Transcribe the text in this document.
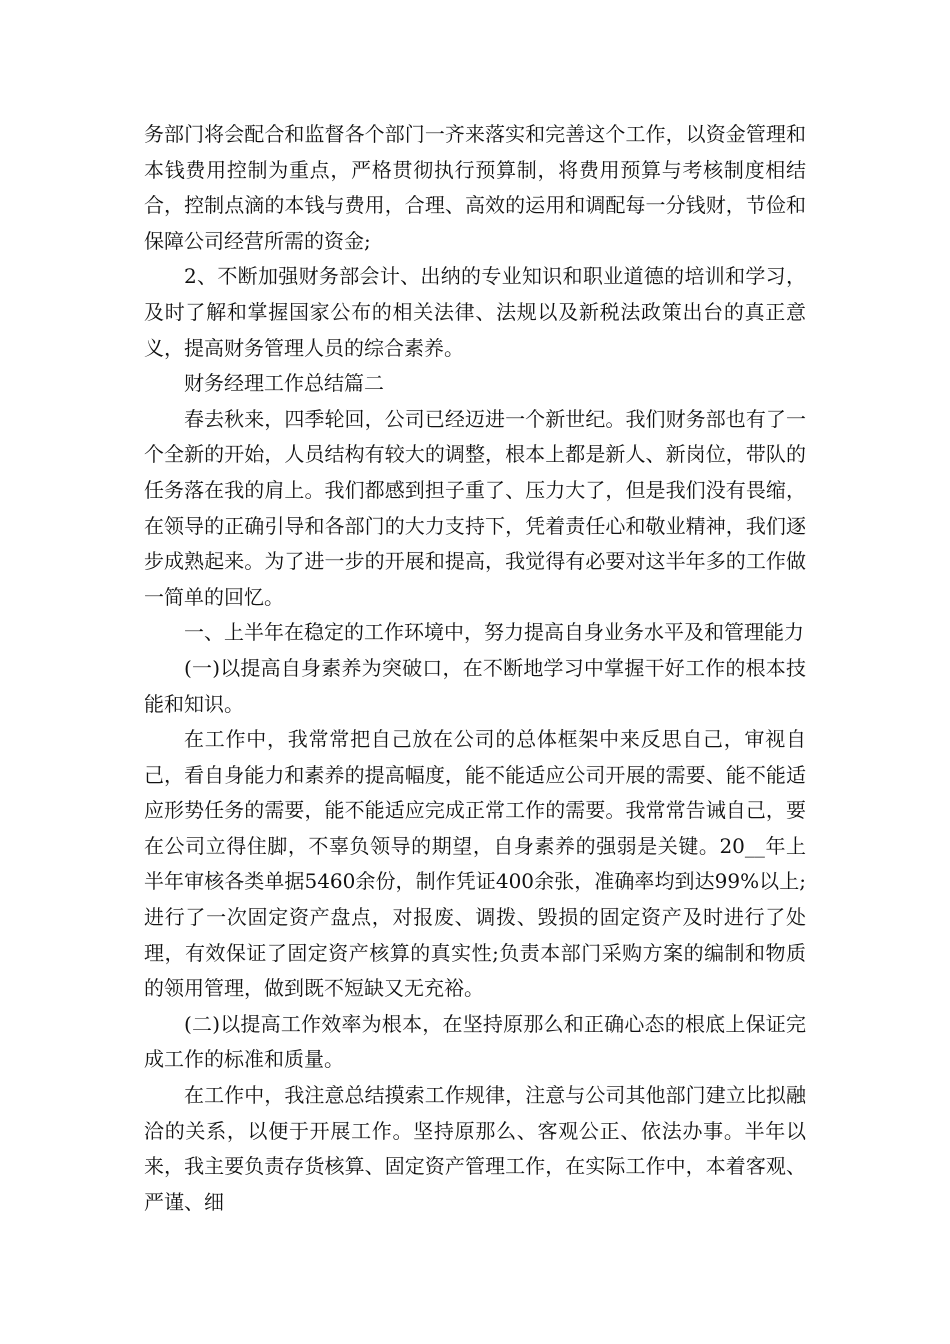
务部门将会配合和监督各个部门一齐来落实和完善这个工作，以资金管理和本钱费用控制为重点，严格贯彻执行预算制，将费用预算与考核制度相结合，控制点滴的本钱与费用，合理、高效的运用和调配每一分钱财，节俭和保障公司经营所需的资金;

2、不断加强财务部会计、出纳的专业知识和职业道德的培训和学习，及时了解和掌握国家公布的相关法律、法规以及新税法政策出台的真正意义，提高财务管理人员的综合素养。

财务经理工作总结篇二

春去秋来，四季轮回，公司已经迈进一个新世纪。我们财务部也有了一个全新的开始，人员结构有较大的调整，根本上都是新人、新岗位，带队的任务落在我的肩上。我们都感到担子重了、压力大了，但是我们没有畏缩，在领导的正确引导和各部门的大力支持下，凭着责任心和敬业精神，我们逐步成熟起来。为了进一步的开展和提高，我觉得有必要对这半年多的工作做一简单的回忆。

一、上半年在稳定的工作环境中，努力提高自身业务水平及和管理能力

(一)以提高自身素养为突破口，在不断地学习中掌握干好工作的根本技能和知识。

在工作中，我常常把自己放在公司的总体框架中来反思自己，审视自己，看自身能力和素养的提高幅度，能不能适应公司开展的需要、能不能适应形势任务的需要，能不能适应完成正常工作的需要。我常常告诫自己，要在公司立得住脚，不辜负领导的期望，自身素养的强弱是关键。20__年上半年审核各类单据5460余份，制作凭证400余张，准确率均到达99%以上;进行了一次固定资产盘点，对报废、调拨、毁损的固定资产及时进行了处理，有效保证了固定资产核算的真实性;负责本部门采购方案的编制和物质的领用管理，做到既不短缺又无充裕。

(二)以提高工作效率为根本，在坚持原那么和正确心态的根底上保证完成工作的标准和质量。

在工作中，我注意总结摸索工作规律，注意与公司其他部门建立比拟融洽的关系，以便于开展工作。坚持原那么、客观公正、依法办事。半年以来，我主要负责存货核算、固定资产管理工作，在实际工作中，本着客观、严谨、细
